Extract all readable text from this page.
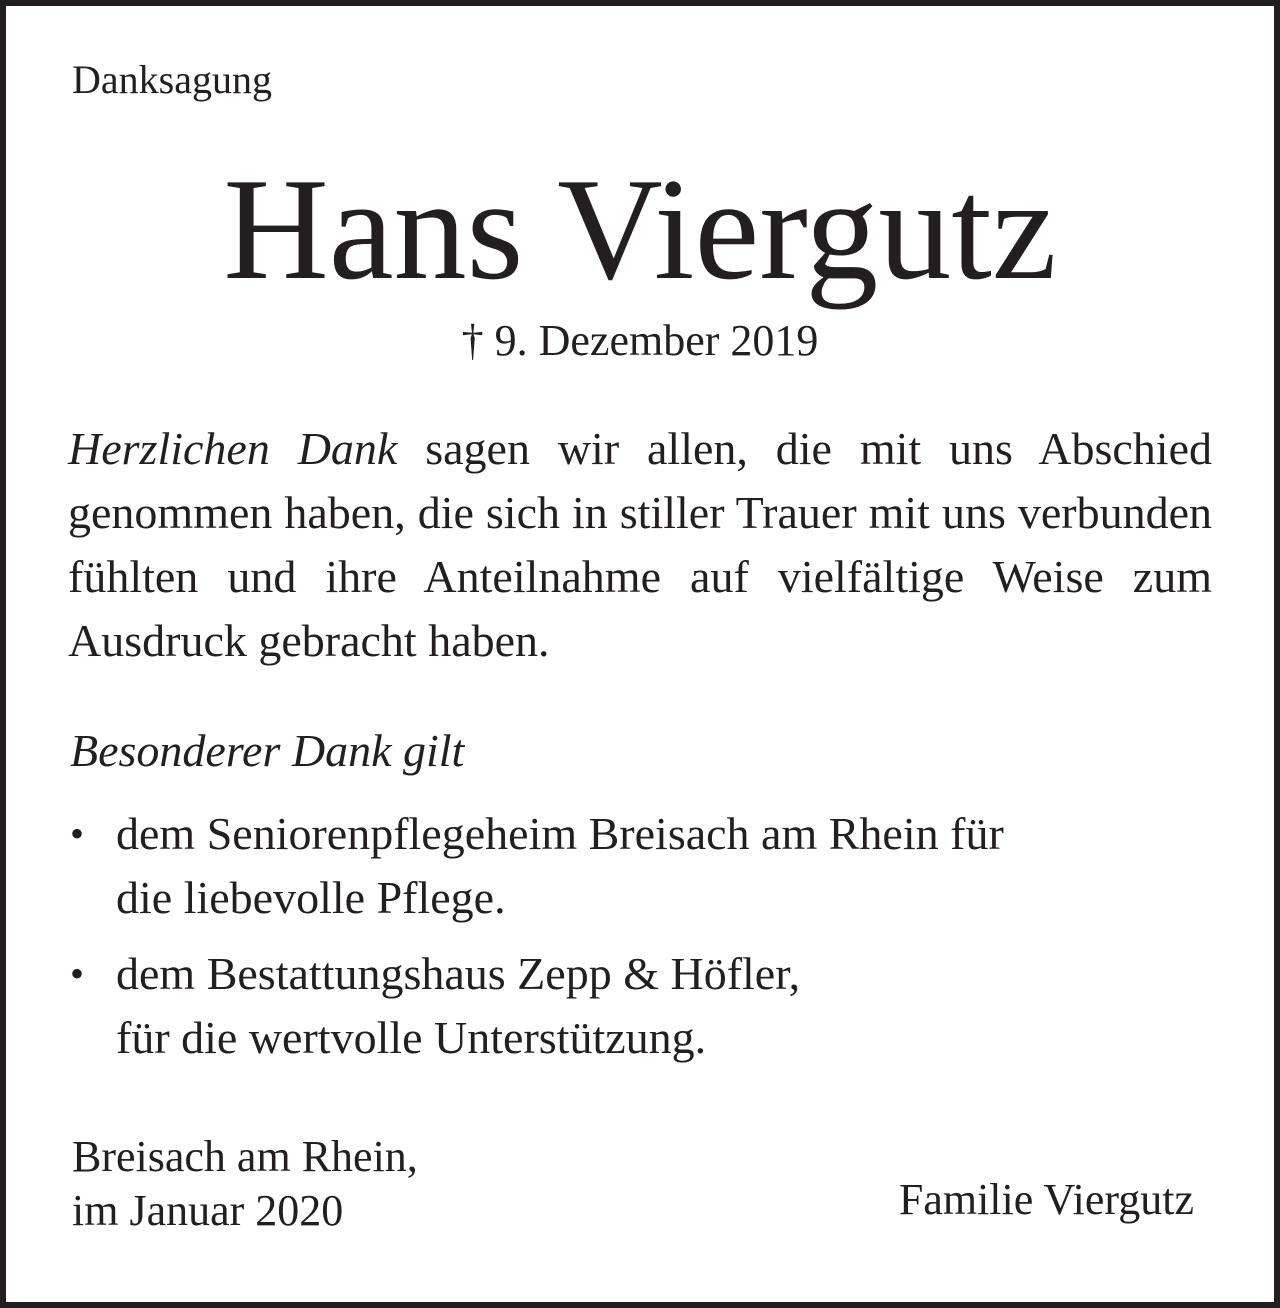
Danksagung
Hans Viergutz
† 9. Dezember 2019
Herzlichen Dank sagen wir allen, die mit uns Abschied genommen haben, die sich in stiller Trauer mit uns verbunden fühlten und ihre Anteilnahme auf vielfältige Weise zum Ausdruck gebracht haben.
Besonderer Dank gilt
• dem Seniorenpflegeheim Breisach am Rhein für
die liebevolle Pflege.
• dem Bestattungshaus Zepp & Höfler,
für die wertvolle Unterstützung.
Breisach am Rhein,
im Januar 2020	Familie Viergutz
